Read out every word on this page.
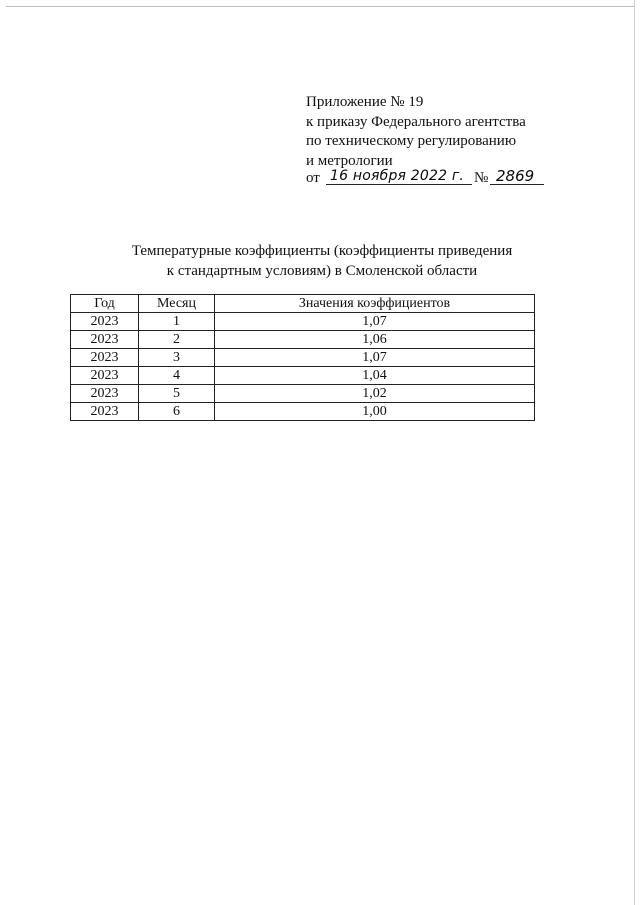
Приложение № 19
к приказу Федерального агентства
по техническому регулированию
и метрологии
от 16 ноября 2022 г. № 2869
Температурные коэффициенты (коэффициенты приведения
к стандартным условиям) в Смоленской области
Год	Месяц	Значения коэффициентов
2023	1	1,07
2023	2	1,06
2023	3	1,07
2023	4	1,04
2023	5	1,02
2023	6	1,00
